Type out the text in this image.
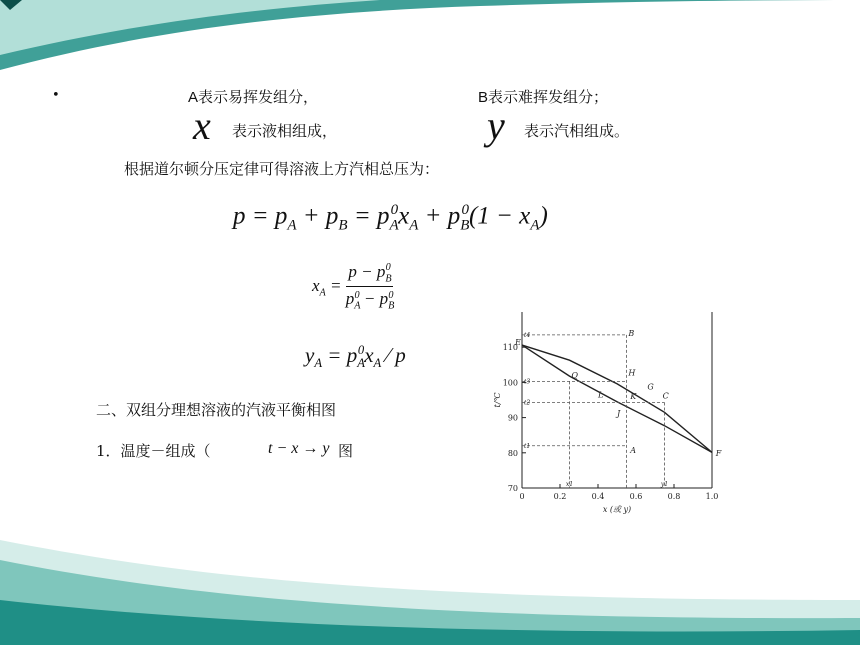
•	A表示易挥发组分，	B表示难挥发组分；
x 表示液相组成，	y 表示汽相组成。
根据道尔顿分压定律可得溶液上方汽相总压为：
$p = p_A + p_B = p_A^0x_A + p_B^0(1 - x_A)$
$x_A = \frac{p - p_B^0}{p_A^0 - p_B^0}$
$y_A = p_A^0x_A$ ⁄ p
二、双组分理想溶液的汽液平衡相图
1．温度－组成（	t − x → y 图
70
80
90
100
110
0	0.2	0.4	0.6	0.8	1.0
x (或 y)
t/℃
t4
t3
t2
t1
x1	y1
E
B
H
Q
G
L	K
J
C
A	F
